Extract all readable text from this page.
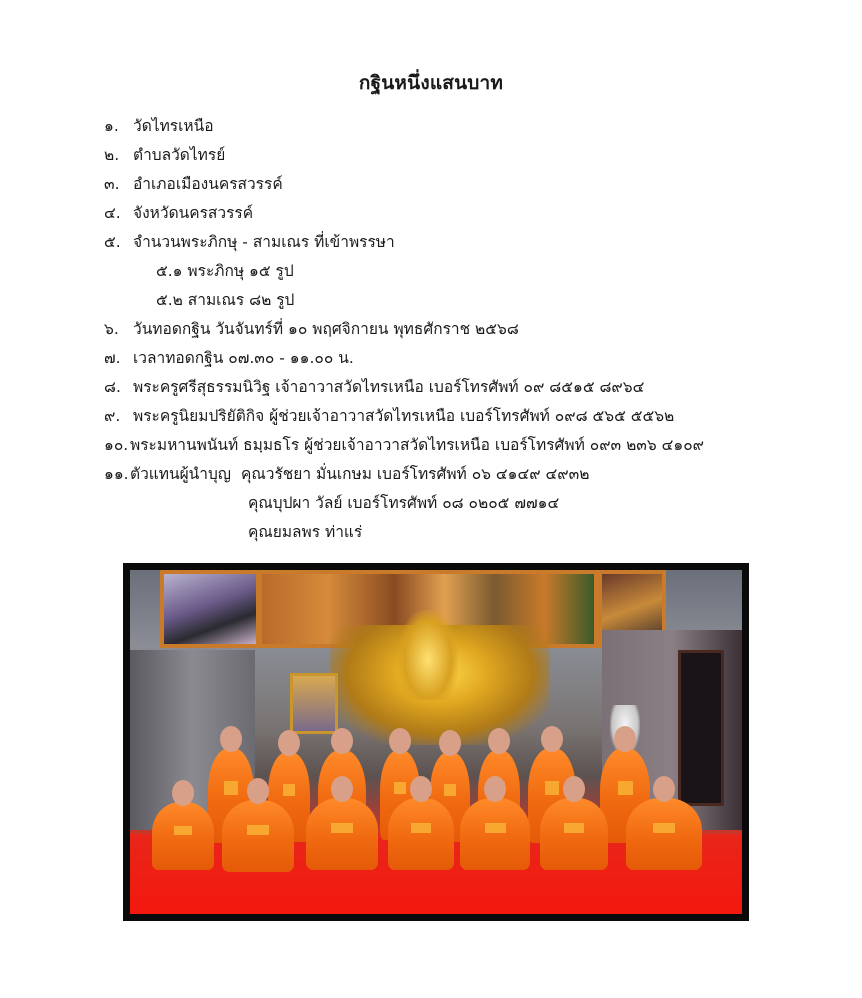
กฐินหนึ่งแสนบาท
๑. วัดไทรเหนือ
๒. ตำบลวัดไทรย์
๓. อำเภอเมืองนครสวรรค์
๔. จังหวัดนครสวรรค์
๕. จำนวนพระภิกษุ - สามเณร ที่เข้าพรรษา
๕.๑ พระภิกษุ ๑๕ รูป
๕.๒ สามเณร ๘๒ รูป
๖. วันทอดกฐิน วันจันทร์ที่ ๑๐ พฤศจิกายน พุทธศักราช ๒๕๖๘
๗. เวลาทอดกฐิน ๐๗.๓๐ - ๑๑.๐๐ น.
๘. พระครูศรีสุธรรมนิวิฐ เจ้าอาวาสวัดไทรเหนือ เบอร์โทรศัพท์ ๐๙ ๘๕๑๕ ๘๙๖๔
๙. พระครูนิยมปริยัติกิจ ผู้ช่วยเจ้าอาวาสวัดไทรเหนือ เบอร์โทรศัพท์ ๐๙๘ ๕๖๕ ๕๕๖๒
๑๐. พระมหานพนันท์ ธมฺมธโร ผู้ช่วยเจ้าอาวาสวัดไทรเหนือ เบอร์โทรศัพท์ ๐๙๓ ๒๓๖ ๔๑๐๙
๑๑. ตัวแทนผู้นำบุญ คุณวรัชยา มั่นเกษม เบอร์โทรศัพท์ ๐๖ ๔๑๔๙ ๔๙๓๒
คุณบุปผา วัลย์ เบอร์โทรศัพท์ ๐๘ ๐๒๐๕ ๗๗๑๔
คุณยมลพร ท่าแร่
